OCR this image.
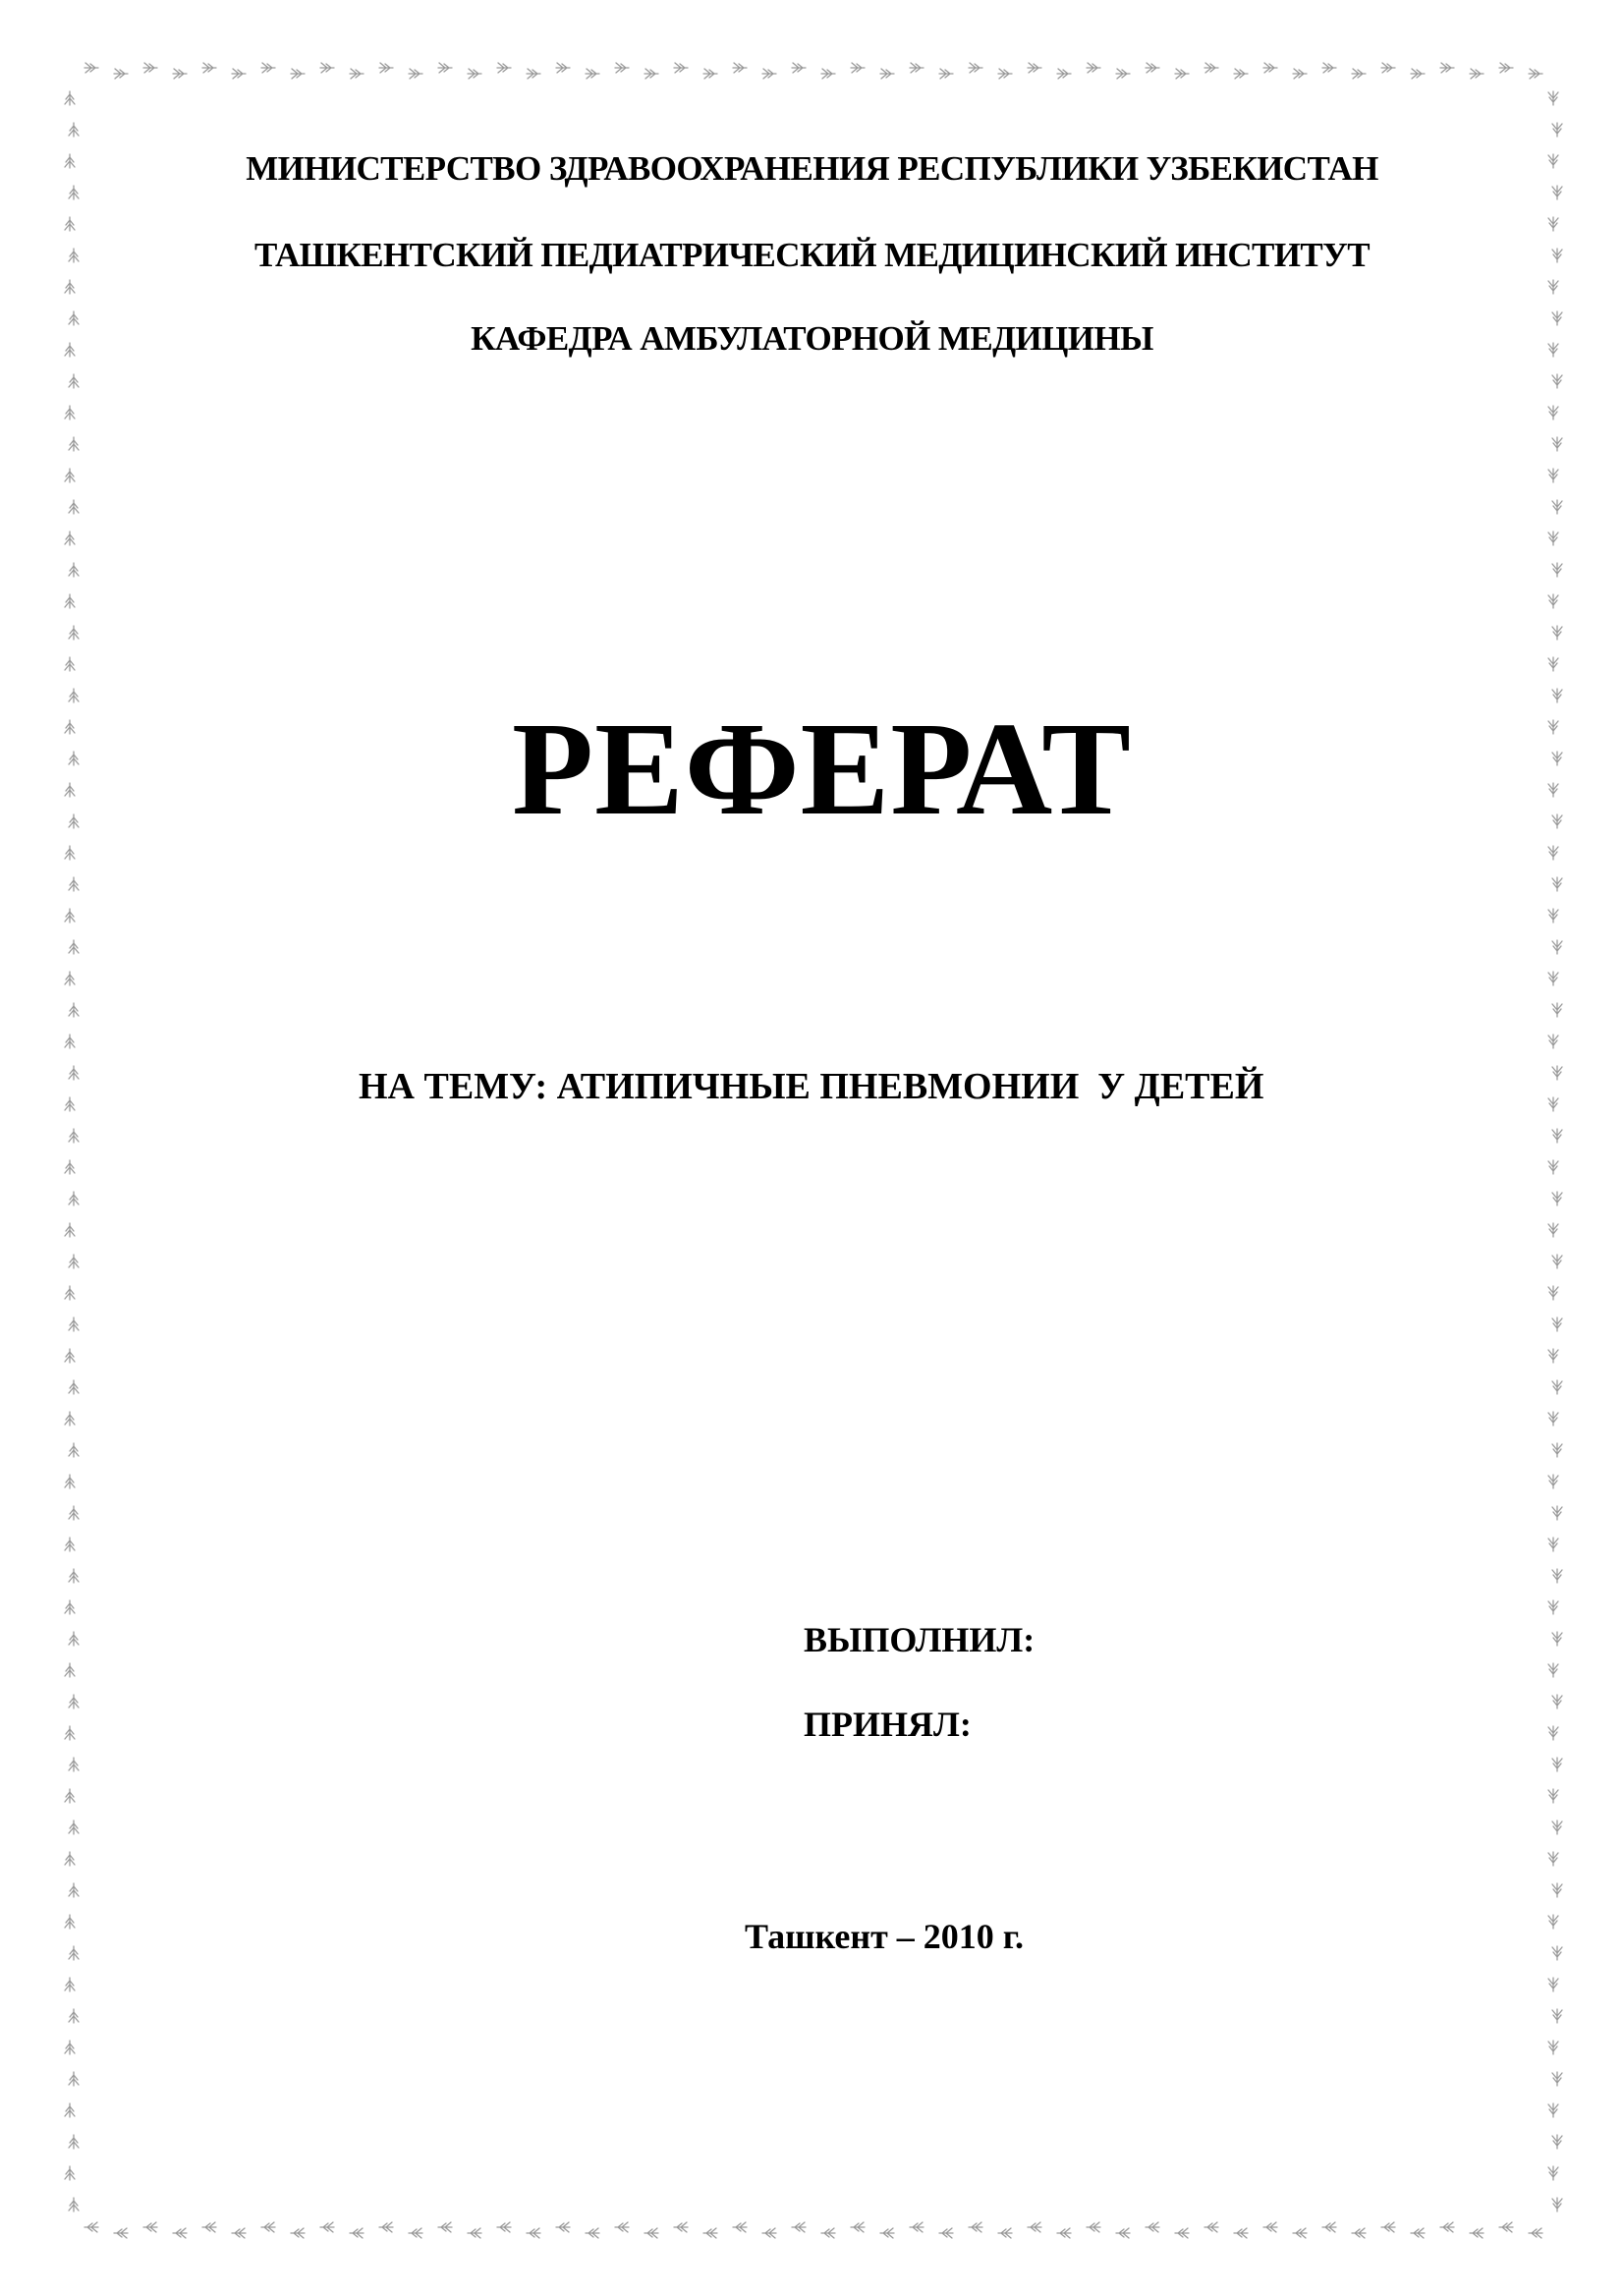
МИНИСТЕРСТВО ЗДРАВООХРАНЕНИЯ РЕСПУБЛИКИ УЗБЕКИСТАН
ТАШКЕНТСКИЙ ПЕДИАТРИЧЕСКИЙ МЕДИЦИНСКИЙ ИНСТИТУТ
КАФЕДРА АМБУЛАТОРНОЙ МЕДИЦИНЫ
РЕФЕРАТ
НА ТЕМУ: АТИПИЧНЫЕ ПНЕВМОНИИ  У ДЕТЕЙ
ВЫПОЛНИЛ:
ПРИНЯЛ:
Ташкент – 2010 г.
